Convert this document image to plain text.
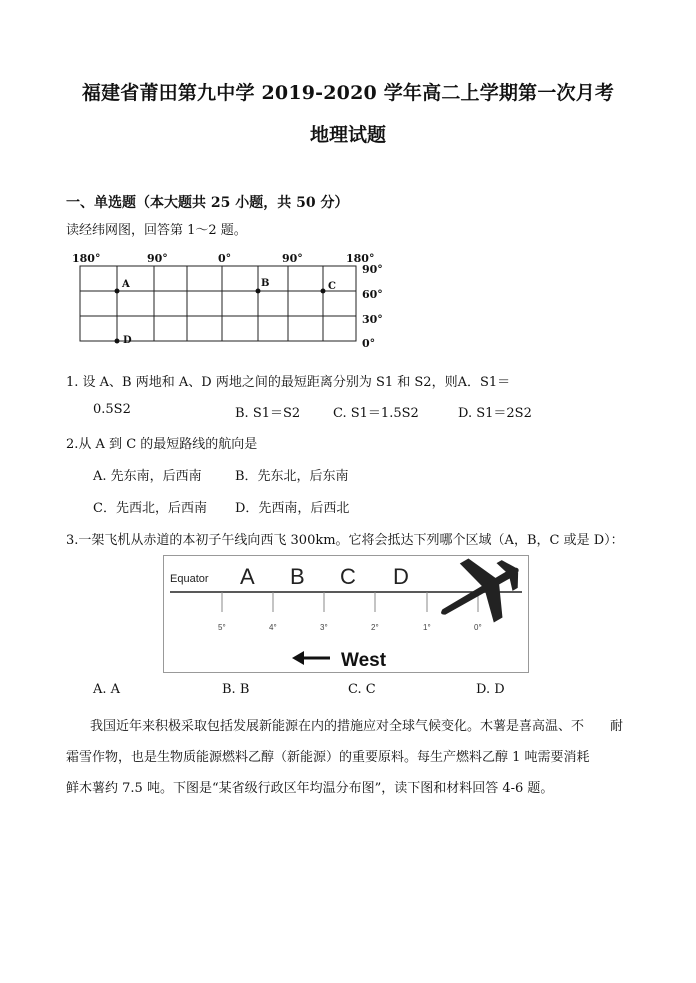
福建省莆田第九中学 2019-2020 学年高二上学期第一次月考
地理试题
一、单选题（本大题共 25 小题，共 50 分）
读经纬网图，回答第 1～2 题。
180°	90°	0°	90°	180°
90°
60°
30°
0°
A	B	C
D
1. 设 A、B 两地和 A、D 两地之间的最短距离分别为 S1 和 S2，则A．S1＝
0.5S2	B. S1＝S2	C. S1＝1.5S2	D. S1＝2S2
2.从 A 到 C 的最短路线的航向是
A. 先东南，后西南	B．先东北，后东南
C．先西北，后西南 D．先西南，后西北
3.一架飞机从赤道的本初子午线向西飞 300km。它将会抵达下列哪个区域（A，B，C 或是 D）：
Equator A B C D
5°	4°	3°	2°	1°	0°
West
A. A	B. B	C. C	D. D
我国近年来积极采取包括发展新能源在内的措施应对全球气候变化。木薯是喜高温、不　　耐
霜雪作物，也是生物质能源燃料乙醇（新能源）的重要原料。每生产燃料乙醇 1 吨需要消耗
鲜木薯约 7.5 吨。下图是“某省级行政区年均温分布图”，读下图和材料回答 4-6 题。
